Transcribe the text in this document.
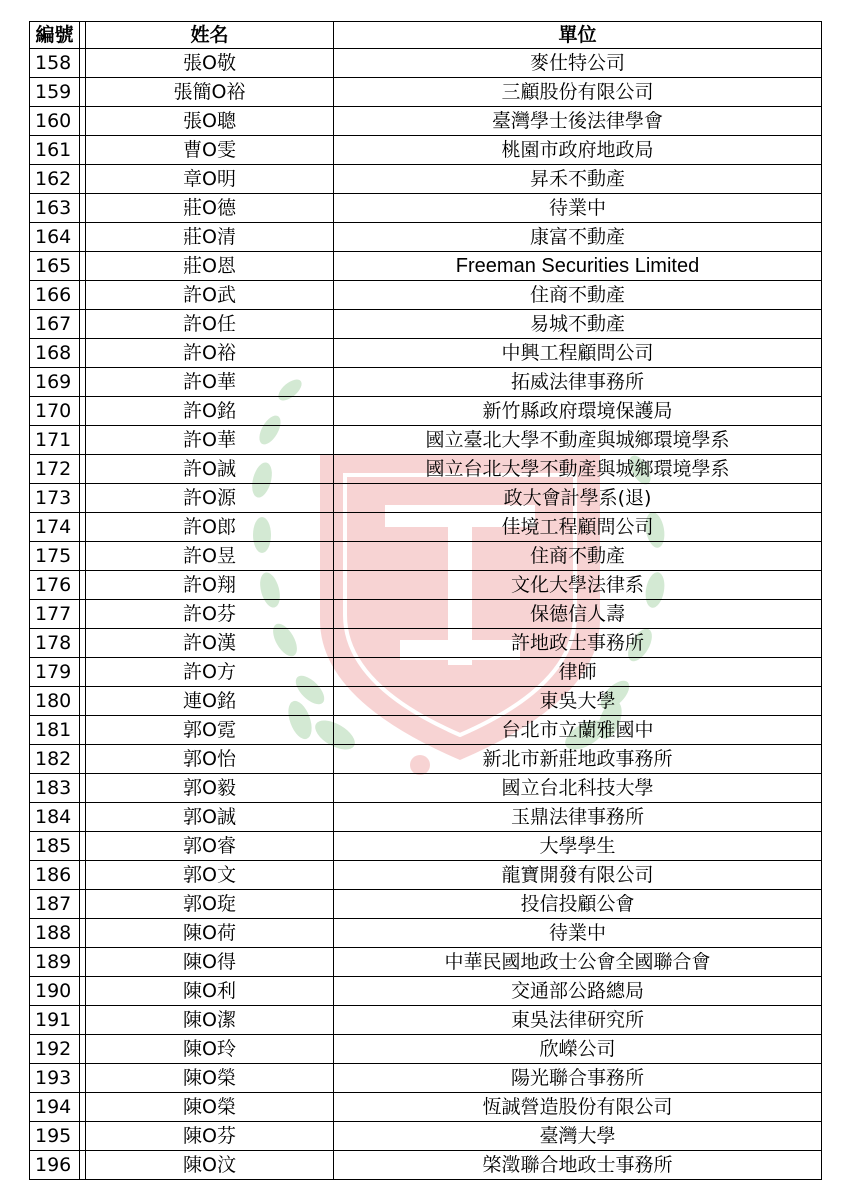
編號		姓名	單位
158		張O敬	麥仕特公司
159		張簡O裕	三顧股份有限公司
160		張O聰	臺灣學士後法律學會
161		曹O雯	桃園市政府地政局
162		章O明	昇禾不動產
163		莊O德	待業中
164		莊O清	康富不動產
165		莊O恩	Freeman Securities Limited
166		許O武	住商不動產
167		許O任	易城不動產
168		許O裕	中興工程顧問公司
169		許O華	拓威法律事務所
170		許O銘	新竹縣政府環境保護局
171		許O華	國立臺北大學不動產與城鄉環境學系
172		許O誠	國立台北大學不動產與城鄉環境學系
173		許O源	政大會計學系(退)
174		許O郎	佳境工程顧問公司
175		許O昱	住商不動產
176		許O翔	文化大學法律系
177		許O芬	保德信人壽
178		許O漢	許地政士事務所
179		許O方	律師
180		連O銘	東吳大學
181		郭O霓	台北市立蘭雅國中
182		郭O怡	新北市新莊地政事務所
183		郭O毅	國立台北科技大學
184		郭O誠	玉鼎法律事務所
185		郭O睿	大學學生
186		郭O文	龍寶開發有限公司
187		郭O琁	投信投顧公會
188		陳O荷	待業中
189		陳O得	中華民國地政士公會全國聯合會
190		陳O利	交通部公路總局
191		陳O潔	東吳法律研究所
192		陳O玲	欣嶸公司
193		陳O榮	陽光聯合事務所
194		陳O榮	恆誠營造股份有限公司
195		陳O芬	臺灣大學
196		陳O汶	棨澂聯合地政士事務所
